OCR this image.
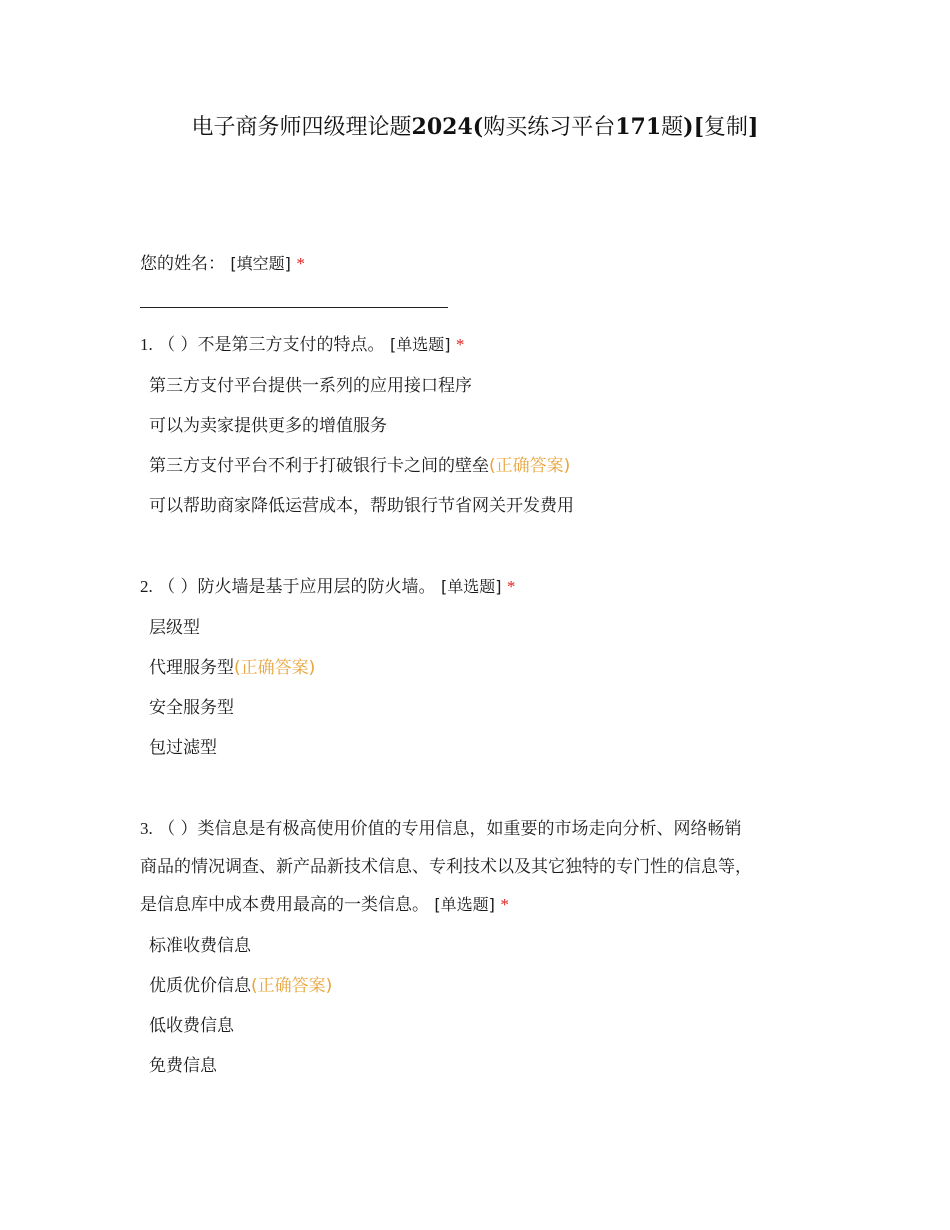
电子商务师四级理论题2024(购买练习平台171题)[复制]
您的姓名： [填空题] *
1. （ ）不是第三方支付的特点。 [单选题] *
第三方支付平台提供一系列的应用接口程序
可以为卖家提供更多的增值服务
第三方支付平台不利于打破银行卡之间的壁垒(正确答案)
可以帮助商家降低运营成本，帮助银行节省网关开发费用
2. （ ）防火墙是基于应用层的防火墙。 [单选题] *
层级型
代理服务型(正确答案)
安全服务型
包过滤型
3. （ ）类信息是有极高使用价值的专用信息，如重要的市场走向分析、网络畅销
商品的情况调查、新产品新技术信息、专利技术以及其它独特的专门性的信息等，
是信息库中成本费用最高的一类信息。 [单选题] *
标准收费信息
优质优价信息(正确答案)
低收费信息
免费信息
